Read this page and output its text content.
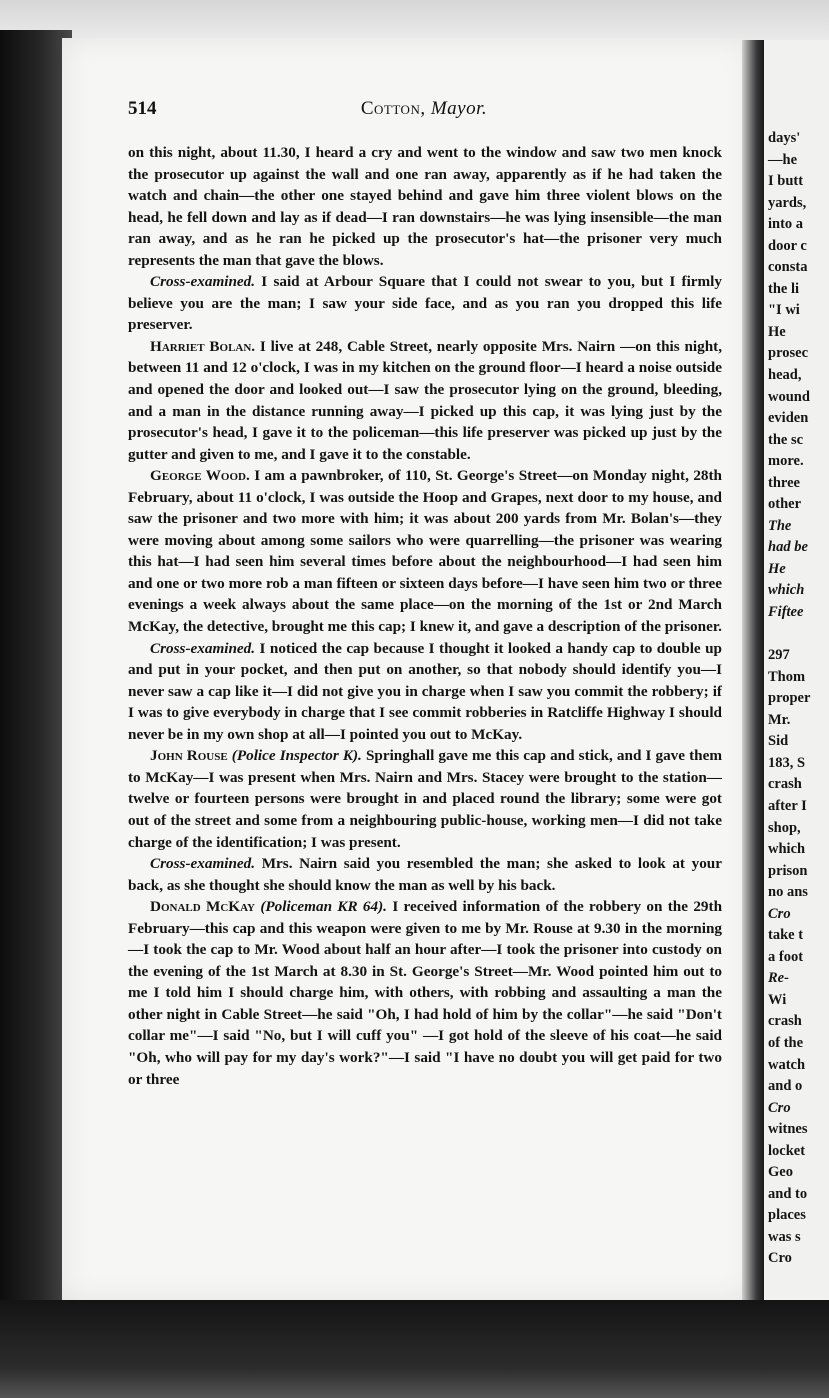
days'
—he
I butt
yards,
into a
door c
consta
the li
"I wi
He
prosec
head,
wound
eviden
the sc
more.
three
other
The
had be
He
which
Fiftee
297
Thom
proper
Mr.
Sid
183, S
crash
after I
shop,
which
prison
no ans
Cro
take t
a foot
Re-
Wi
crash
of the
watch
and o
Cro
witnes
locket
Geo
and to
places
was s
Cro
514	Cotton, Mayor.

on this night, about 11.30, I heard a cry and went to the window and saw two men knock the prosecutor up against the wall and one ran away, apparently as if he had taken the watch and chain—the other one stayed behind and gave him three violent blows on the head, he fell down and lay as if dead—I ran downstairs—he was lying insensible—the man ran away, and as he ran he picked up the prosecutor's hat—the prisoner very much represents the man that gave the blows.

Cross-examined. I said at Arbour Square that I could not swear to you, but I firmly believe you are the man; I saw your side face, and as you ran you dropped this life preserver.

Harriet Bolan. I live at 248, Cable Street, nearly opposite Mrs. Nairn —on this night, between 11 and 12 o'clock, I was in my kitchen on the ground floor—I heard a noise outside and opened the door and looked out—I saw the prosecutor lying on the ground, bleeding, and a man in the distance running away—I picked up this cap, it was lying just by the prosecutor's head, I gave it to the policeman—this life preserver was picked up just by the gutter and given to me, and I gave it to the constable.

George Wood. I am a pawnbroker, of 110, St. George's Street—on Monday night, 28th February, about 11 o'clock, I was outside the Hoop and Grapes, next door to my house, and saw the prisoner and two more with him; it was about 200 yards from Mr. Bolan's—they were moving about among some sailors who were quarrelling—the prisoner was wearing this hat—I had seen him several times before about the neighbourhood—I had seen him and one or two more rob a man fifteen or sixteen days before—I have seen him two or three evenings a week always about the same place—on the morning of the 1st or 2nd March McKay, the detective, brought me this cap; I knew it, and gave a description of the prisoner.

Cross-examined. I noticed the cap because I thought it looked a handy cap to double up and put in your pocket, and then put on another, so that nobody should identify you—I never saw a cap like it—I did not give you in charge when I saw you commit the robbery; if I was to give everybody in charge that I see commit robberies in Ratcliffe Highway I should never be in my own shop at all—I pointed you out to McKay.

John Rouse (Police Inspector K). Springhall gave me this cap and stick, and I gave them to McKay—I was present when Mrs. Nairn and Mrs. Stacey were brought to the station—twelve or fourteen persons were brought in and placed round the library; some were got out of the street and some from a neighbouring public-house, working men—I did not take charge of the identification; I was present.

Cross-examined. Mrs. Nairn said you resembled the man; she asked to look at your back, as she thought she should know the man as well by his back.

Donald McKay (Policeman KR 64). I received information of the robbery on the 29th February—this cap and this weapon were given to me by Mr. Rouse at 9.30 in the morning—I took the cap to Mr. Wood about half an hour after—I took the prisoner into custody on the evening of the 1st March at 8.30 in St. George's Street—Mr. Wood pointed him out to me I told him I should charge him, with others, with robbing and assaulting a man the other night in Cable Street—he said "Oh, I had hold of him by the collar"—he said "Don't collar me"—I said "No, but I will cuff you" —I got hold of the sleeve of his coat—he said "Oh, who will pay for my day's work?"—I said "I have no doubt you will get paid for two or three
